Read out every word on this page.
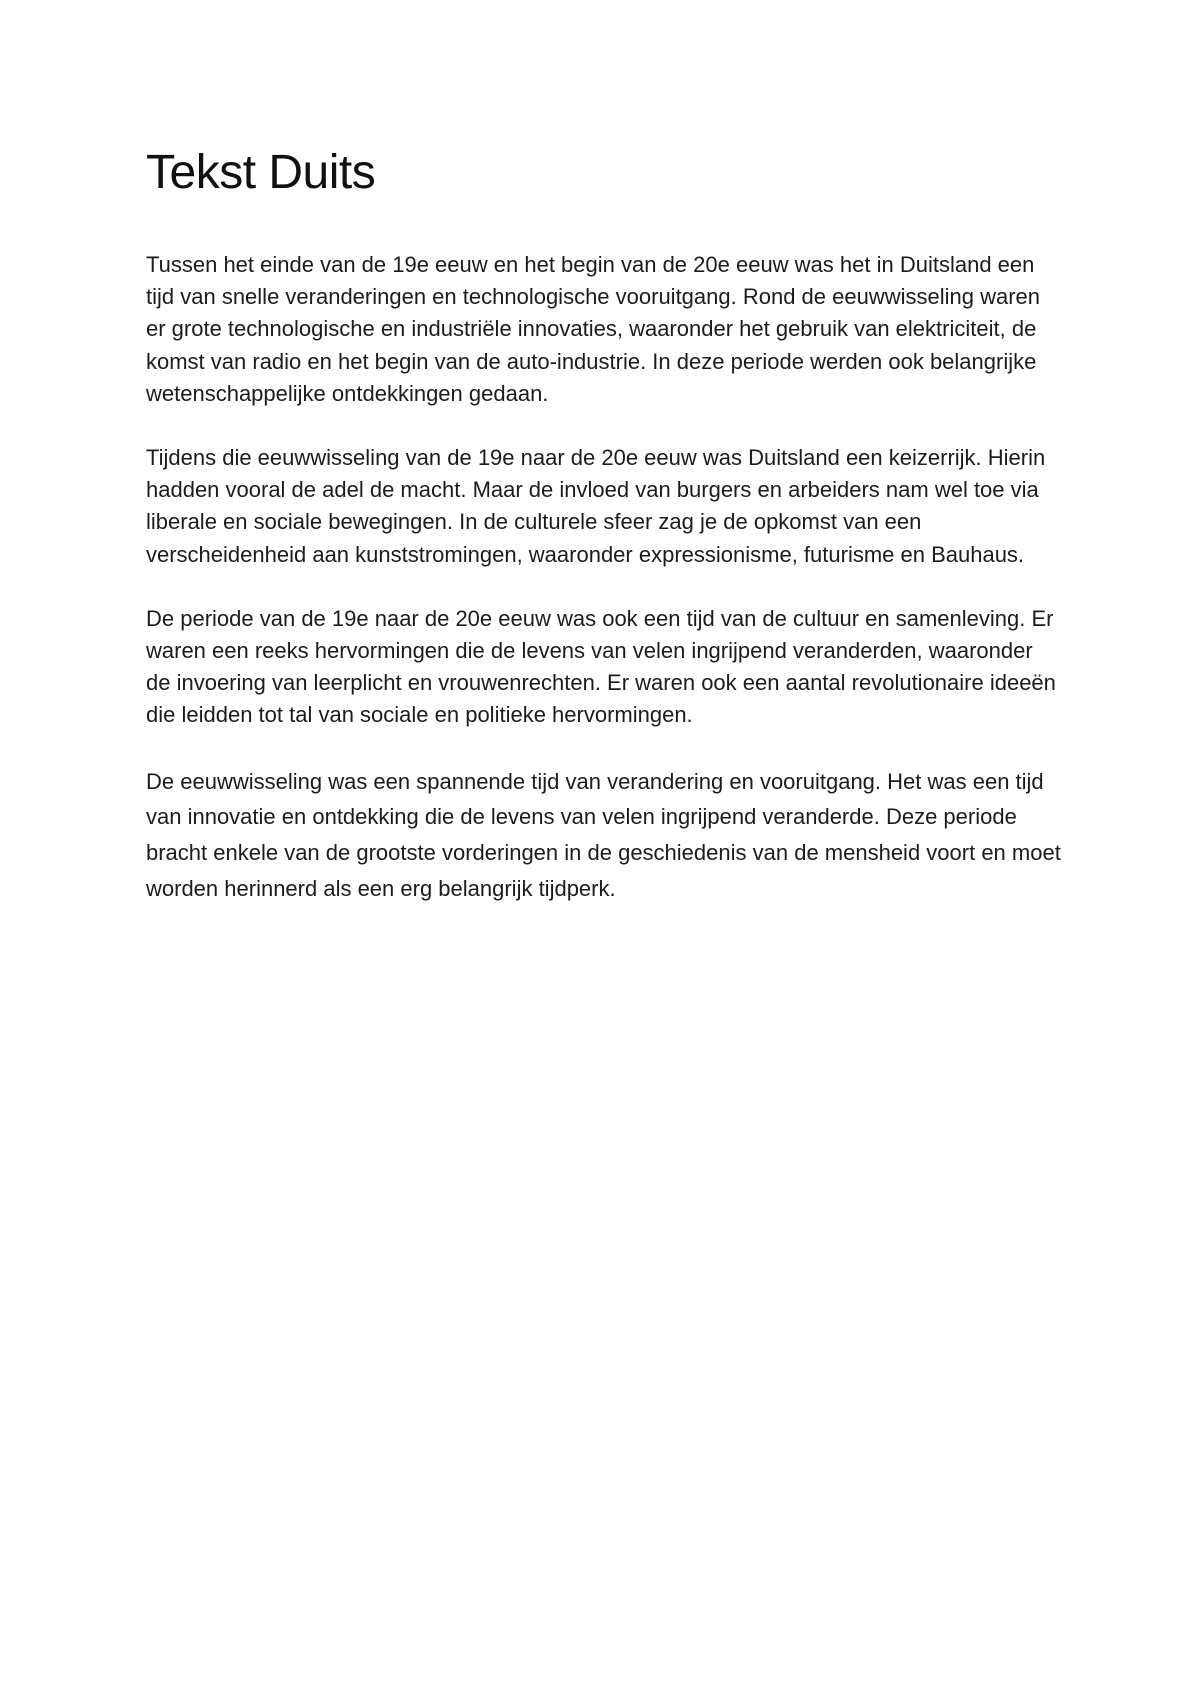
Tekst Duits

Tussen het einde van de 19e eeuw en het begin van de 20e eeuw was het in Duitsland een tijd van snelle veranderingen en technologische vooruitgang. Rond de eeuwwisseling waren er grote technologische en industriële innovaties, waaronder het gebruik van elektriciteit, de komst van radio en het begin van de auto-industrie. In deze periode werden ook belangrijke wetenschappelijke ontdekkingen gedaan.

Tijdens die eeuwwisseling van de 19e naar de 20e eeuw was Duitsland een keizerrijk. Hierin hadden vooral de adel de macht. Maar de invloed van burgers en arbeiders nam wel toe via liberale en sociale bewegingen. In de culturele sfeer zag je de opkomst van een verscheidenheid aan kunststromingen, waaronder expressionisme, futurisme en Bauhaus.

De periode van de 19e naar de 20e eeuw was ook een tijd van de cultuur en samenleving. Er waren een reeks hervormingen die de levens van velen ingrijpend veranderden, waaronder de invoering van leerplicht en vrouwenrechten. Er waren ook een aantal revolutionaire ideeën die leidden tot tal van sociale en politieke hervormingen.

De eeuwwisseling was een spannende tijd van verandering en vooruitgang. Het was een tijd van innovatie en ontdekking die de levens van velen ingrijpend veranderde. Deze periode bracht enkele van de grootste vorderingen in de geschiedenis van de mensheid voort en moet worden herinnerd als een erg belangrijk tijdperk.
